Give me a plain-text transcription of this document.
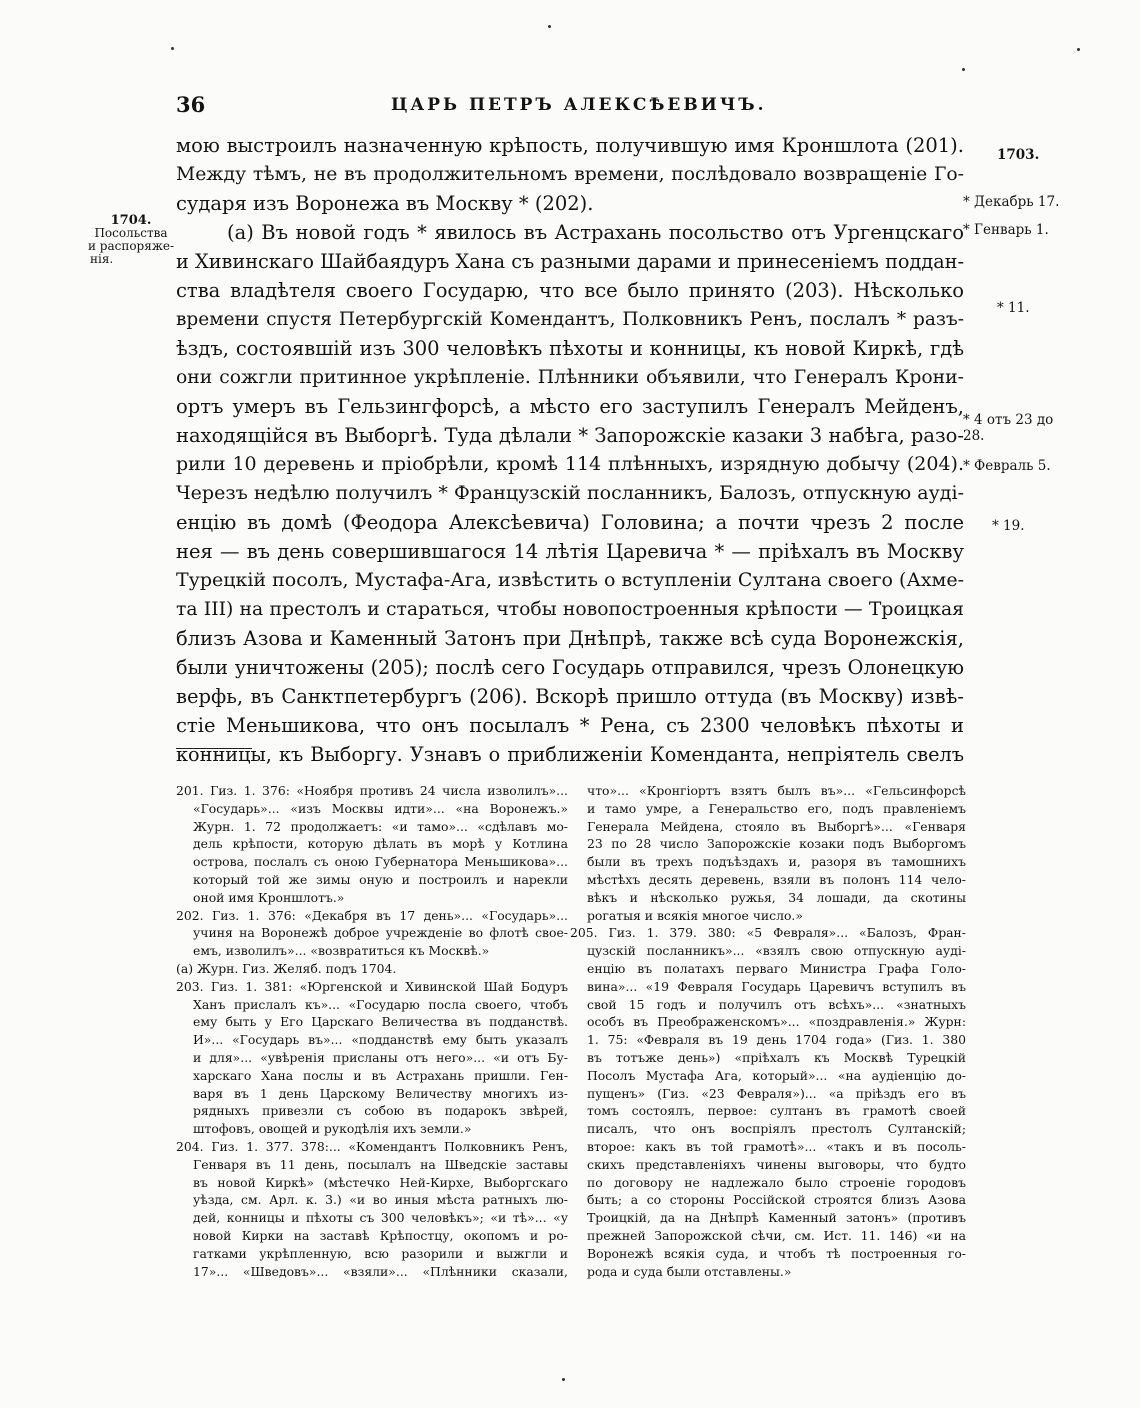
36	ЦАРЬ ПЕТРЪ АЛЕКСѢЕВИЧЪ.
мою выстроилъ назначенную крѣпость, получившую имя Кроншлота (201).
Между тѣмъ, не въ продолжительномъ времени, послѣдовало возвращеніе Го-
сударя изъ Воронежа въ Москву * (202).
(а) Въ новой годъ * явилось въ Астрахань посольство отъ Ургенцскаго
и Хивинскаго Шайбаядуръ Хана съ разными дарами и принесеніемъ поддан-
ства владѣтеля своего Государю, что все было принято (203). Нѣсколько
времени спустя Петербургскій Комендантъ, Полковникъ Ренъ, послалъ * разъ-
ѣздъ, состоявшій изъ 300 человѣкъ пѣхоты и конницы, къ новой Киркѣ, гдѣ
они сожгли притинное укрѣпленіе. Плѣнники объявили, что Генералъ Крони-
ортъ умеръ въ Гельзингфорсѣ, а мѣсто его заступилъ Генералъ Мейденъ,
находящійся въ Выборгѣ. Туда дѣлали * Запорожскіе казаки 3 набѣга, разо-
рили 10 деревень и пріобрѣли, кромѣ 114 плѣнныхъ, изрядную добычу (204).
Черезъ недѣлю получилъ * Французскій посланникъ, Балозъ, отпускную ауді-
енцію въ домѣ (Феодора Алексѣевича) Головина; а почти чрезъ 2 после
нея — въ день совершившагося 14 лѣтія Царевича * — пріѣхалъ въ Москву
Турецкій посолъ, Мустафа-Ага, извѣстить о вступленіи Султана своего (Ахме-
та III) на престолъ и стараться, чтобы новопостроенныя крѣпости — Троицкая
близъ Азова и Каменный Затонъ при Днѣпрѣ, также всѣ суда Воронежскія,
были уничтожены (205); послѣ сего Государь отправился, чрезъ Олонецкую
верфь, въ Санктпетербургъ (206). Вскорѣ пришло оттуда (въ Москву) извѣ-
стіе Меньшикова, что онъ посылалъ * Рена, съ 2300 человѣкъ пѣхоты и
конницы, къ Выборгу. Узнавъ о приближеніи Коменданта, непріятель свелъ
1704.
Посольства
и распоряже-
нія.
1703.
* Декабрь 17.
* Генварь 1.
* 11.
* 4 отъ 23 до
28.
* Февраль 5.
* 19.
201. Гиз. 1. 376: «Ноября противъ 24 числа изволилъ»...
«Государь»... «изъ Москвы идти»... «на Воронежъ.»
Журн. 1. 72 продолжаетъ: «и тамо»... «сдѣлавъ мо-
дель крѣпости, которую дѣлать въ морѣ у Котлина
острова, послалъ съ оною Губернатора Меньшикова»...
который той же зимы оную и построилъ и нарекли
оной имя Кроншлотъ.»
202. Гиз. 1. 376: «Декабря въ 17 день»... «Государь»...
учиня на Воронежѣ доброе учрежденіе во флотѣ свое-
емъ, изволилъ»... «возвратиться къ Москвѣ.»
(а) Журн. Гиз. Желяб. подъ 1704.
203. Гиз. 1. 381: «Юргенской и Хивинской Шай Бодуръ
Ханъ прислалъ къ»... «Государю посла своего, чтобъ
ему быть у Его Царскаго Величества въ подданствѣ.
И»... «Государь въ»... «подданствѣ ему быть указалъ
и для»... «увѣренія присланы отъ него»... «и отъ Бу-
харскаго Хана послы и въ Астрахань пришли. Ген-
варя въ 1 день Царскому Величеству многихъ из-
рядныхъ привезли съ собою въ подарокъ звѣрей,
штофовъ, овощей и рукодѣлія ихъ земли.»
204. Гиз. 1. 377. 378:... «Комендантъ Полковникъ Ренъ,
Генваря въ 11 день, посылалъ на Шведскіе заставы
въ новой Киркѣ» (мѣстечко Ней-Кирхе, Выборгскаго
уѣзда, см. Арл. к. 3.) «и во иныя мѣста ратныхъ лю-
дей, конницы и пѣхоты съ 300 человѣкъ»; «и тѣ»... «у
новой Кирки на заставѣ Крѣпостцу, окопомъ и ро-
гатками укрѣпленную, всю разорили и выжгли и
17»... «Шведовъ»... «взяли»... «Плѣнники сказали,
что»... «Кронгіортъ взятъ былъ въ»... «Гельсинфорсѣ
и тамо умре, а Генеральство его, подъ правленіемъ
Генерала Мейдена, стояло въ Выборгѣ»... «Генваря
23 по 28 число Запорожскіе козаки подъ Выборгомъ
были въ трехъ подъѣздахъ и, разоря въ тамошнихъ
мѣстѣхъ десять деревень, взяли въ полонъ 114 чело-
вѣкъ и нѣсколько ружья, 34 лошади, да скотины
рогатыя и всякія многое число.»
205. Гиз. 1. 379. 380: «5 Февраля»... «Балозъ, Фран-
цузскій посланникъ»... «взялъ свою отпускную ауді-
енцію въ полатахъ перваго Министра Графа Голо-
вина»... «19 Февраля Государь Царевичъ вступилъ въ
свой 15 годъ и получилъ отъ всѣхъ»... «знатныхъ
особъ въ Преображенскомъ»... «поздравленія.» Журн:
1. 75: «Февраля въ 19 день 1704 года» (Гиз. 1. 380
въ тотъже день») «пріѣхалъ къ Москвѣ Турецкій
Посолъ Мустафа Ага, который»... «на аудіенцію до-
пущенъ» (Гиз. «23 Февраля»)... «а пріѣздъ его въ
томъ состоялъ, первое: султанъ въ грамотѣ своей
писалъ, что онъ воспріялъ престолъ Султанскій;
второе: какъ въ той грамотѣ»... «такъ и въ посоль-
скихъ представленіяхъ чинены выговоры, что будто
по договору не надлежало было строеніе городовъ
быть; а со стороны Россійской строятся близъ Азова
Троицкій, да на Днѣпрѣ Каменный затонъ» (противъ
прежней Запорожской сѣчи, см. Ист. 11. 146) «и на
Воронежѣ всякія суда, и чтобъ тѣ построенныя го-
рода и суда были отставлены.»
